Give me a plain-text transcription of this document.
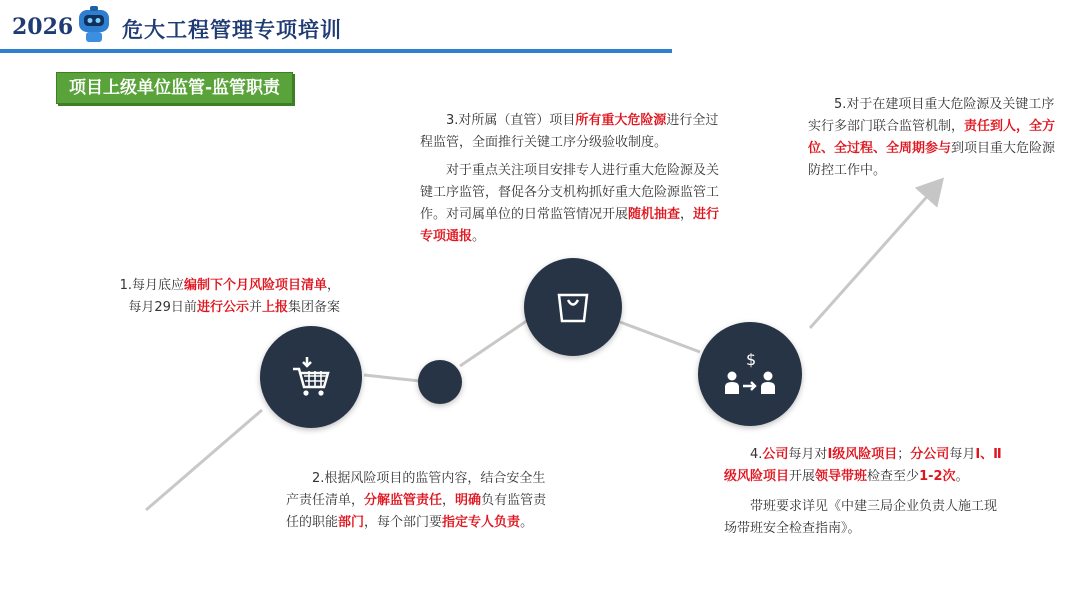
2026 危大工程管理专项培训
项目上级单位监管-监管职责
$
1.每月底应编制下个月风险项目清单，
每月29日前进行公示并上报集团备案
2.根据风险项目的监管内容，结合安全生产责任清单，分解监管责任，明确负有监管责任的职能部门，每个部门要指定专人负责。
3.对所属（直管）项目所有重大危险源进行全过程监管，全面推行关键工序分级验收制度。
对于重点关注项目安排专人进行重大危险源及关键工序监管，督促各分支机构抓好重大危险源监管工作。对司属单位的日常监管情况开展随机抽查，进行专项通报。
4.公司每月对Ⅰ级风险项目；分公司每月Ⅰ、Ⅱ级风险项目开展领导带班检查至少1-2次。
带班要求详见《中建三局企业负责人施工现场带班安全检查指南》。
5.对于在建项目重大危险源及关键工序实行多部门联合监管机制，责任到人，全方位、全过程、全周期参与到项目重大危险源防控工作中。
